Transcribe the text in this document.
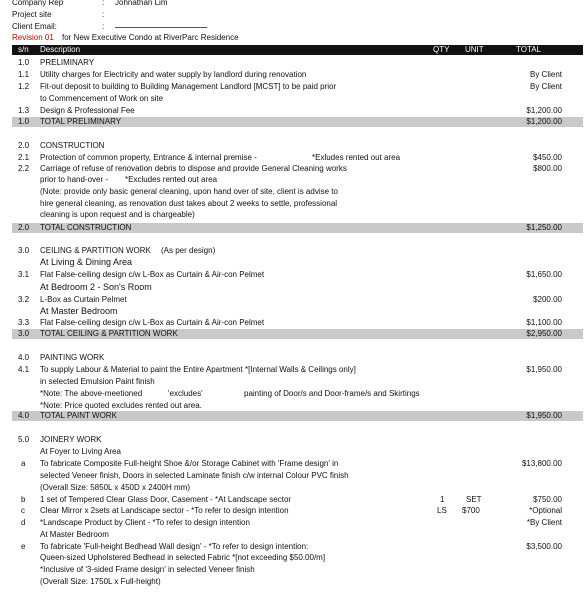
Company Rep	: Johnathan Lim
Project site	:
Client Email:	:
Revision 01 for New Executive Condo at RiverParc Residence
s/n Description	QTY UNIT	TOTAL
1.0 PRELIMINARY
1.1 Utility charges for Electricity and water supply by landlord during renovation	By Client
1.2 Fit-out deposit to building to Building Management Landlord [MCST] to be paid prior	By Client
to Commencement of Work on site
1.3 Design & Professional Fee	$1,200.00
1.0 TOTAL PRELIMINARY	$1,200.00
2.0 CONSTRUCTION
2.1 Protection of common property, Entrance & internal premise -	*Exludes rented out area	$450.00
2.2 Carriage of refuse of renovation debris to dispose and provide General Cleaning works	$800.00
prior to hand-over - *Excludes rented out area
(Note: provide only basic general cleaning, upon hand over of site, client is advise to
hire general cleaning, as renovation dust takes about 2 weeks to settle, professional
cleaning is upon request and is chargeable)
2.0 TOTAL CONSTRUCTION	$1,250.00
3.0 CEILING & PARTITION WORK (As per design)
At Living & Dining Area
3.1 Flat False-ceiling design c/w L-Box as Curtain & Air-con Pelmet	$1,650.00
At Bedroom 2 - Son's Room
3.2 L-Box as Curtain Pelmet	$200.00
At Master Bedroom
3.3 Flat False-ceiling design c/w L-Box as Curtain & Air-con Pelmet	$1,100.00
3.0 TOTAL CEILING & PARTITION WORK	$2,950.00
4.0 PAINTING WORK
4.1 To supply Labour & Material to paint the Entire Apartment *[Internal Walls & Ceilings only]	$1,950.00
in selected Emulsion Paint finish
*Note: The above-meetioned	'excludes'	painting of Door/s and Door-frame/s and Skirtings
*Note: Price quoted excludes rented out area.
4.0 TOTAL PAINT WORK	$1,950.00
5.0 JOINERY WORK
At Foyer to Living Area
a To fabricate Composite Full-height Shoe &/or Storage Cabinet with 'Frame design' in	$13,800.00
selected Veneer finish, Doors in selected Laminate finish c/w internal Colour PVC finish
(Overall Size: 5850L x 450D x 2400H mm)
b 1 set of Tempered Clear Glass Door, Casement - *At Landscape sector	1	SET	$750.00
c Clear Mirror x 2sets at Landscape sector - *To refer to design intention	LS $700	*Optional
d *Landscape Product by Client - *To refer to design intention	*By Client
At Master Bedroom
e To fabricate 'Full-height Bedhead Wall design' - *To refer to design intention:	$3,500.00
Queen-sized Upholstered Bedhead in selected Fabric *[not exceeding $50.00/m]
*Inclusive of '3-sided Frame design' in selected Veneer finish
(Overall Size: 1750L x Full-height)
